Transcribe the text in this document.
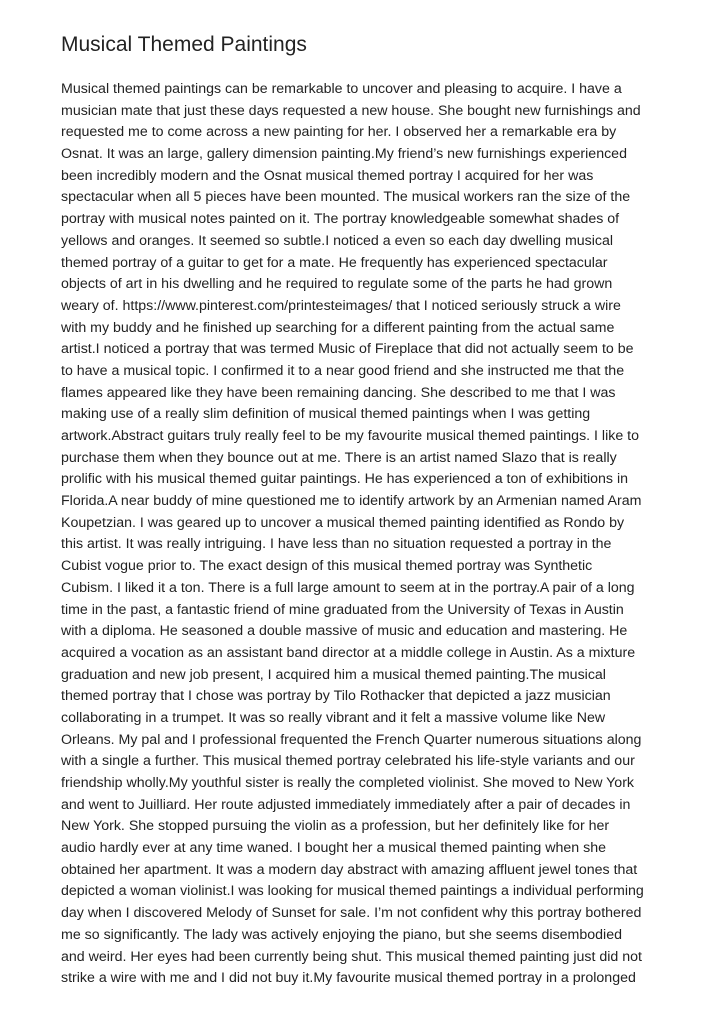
Musical Themed Paintings
Musical themed paintings can be remarkable to uncover and pleasing to acquire. I have a
musician mate that just these days requested a new house. She bought new furnishings and
requested me to come across a new painting for her. I observed her a remarkable era by
Osnat. It was an large, gallery dimension painting.My friend’s new furnishings experienced
been incredibly modern and the Osnat musical themed portray I acquired for her was
spectacular when all 5 pieces have been mounted. The musical workers ran the size of the
portray with musical notes painted on it. The portray knowledgeable somewhat shades of
yellows and oranges. It seemed so subtle.I noticed a even so each day dwelling musical
themed portray of a guitar to get for a mate. He frequently has experienced spectacular
objects of art in his dwelling and he required to regulate some of the parts he had grown
weary of. https://www.pinterest.com/printesteimages/ that I noticed seriously struck a wire
with my buddy and he finished up searching for a different painting from the actual same
artist.I noticed a portray that was termed Music of Fireplace that did not actually seem to be
to have a musical topic. I confirmed it to a near good friend and she instructed me that the
flames appeared like they have been remaining dancing. She described to me that I was
making use of a really slim definition of musical themed paintings when I was getting
artwork.Abstract guitars truly really feel to be my favourite musical themed paintings. I like to
purchase them when they bounce out at me. There is an artist named Slazo that is really
prolific with his musical themed guitar paintings. He has experienced a ton of exhibitions in
Florida.A near buddy of mine questioned me to identify artwork by an Armenian named Aram
Koupetzian. I was geared up to uncover a musical themed painting identified as Rondo by
this artist. It was really intriguing. I have less than no situation requested a portray in the
Cubist vogue prior to. The exact design of this musical themed portray was Synthetic
Cubism. I liked it a ton. There is a full large amount to seem at in the portray.A pair of a long
time in the past, a fantastic friend of mine graduated from the University of Texas in Austin
with a diploma. He seasoned a double massive of music and education and mastering. He
acquired a vocation as an assistant band director at a middle college in Austin. As a mixture
graduation and new job present, I acquired him a musical themed painting.The musical
themed portray that I chose was portray by Tilo Rothacker that depicted a jazz musician
collaborating in a trumpet. It was so really vibrant and it felt a massive volume like New
Orleans. My pal and I professional frequented the French Quarter numerous situations along
with a single a further. This musical themed portray celebrated his life-style variants and our
friendship wholly.My youthful sister is really the completed violinist. She moved to New York
and went to Juilliard. Her route adjusted immediately immediately after a pair of decades in
New York. She stopped pursuing the violin as a profession, but her definitely like for her
audio hardly ever at any time waned. I bought her a musical themed painting when she
obtained her apartment. It was a modern day abstract with amazing affluent jewel tones that
depicted a woman violinist.I was looking for musical themed paintings a individual performing
day when I discovered Melody of Sunset for sale. I’m not confident why this portray bothered
me so significantly. The lady was actively enjoying the piano, but she seems disembodied
and weird. Her eyes had been currently being shut. This musical themed painting just did not
strike a wire with me and I did not buy it.My favourite musical themed portray in a prolonged
